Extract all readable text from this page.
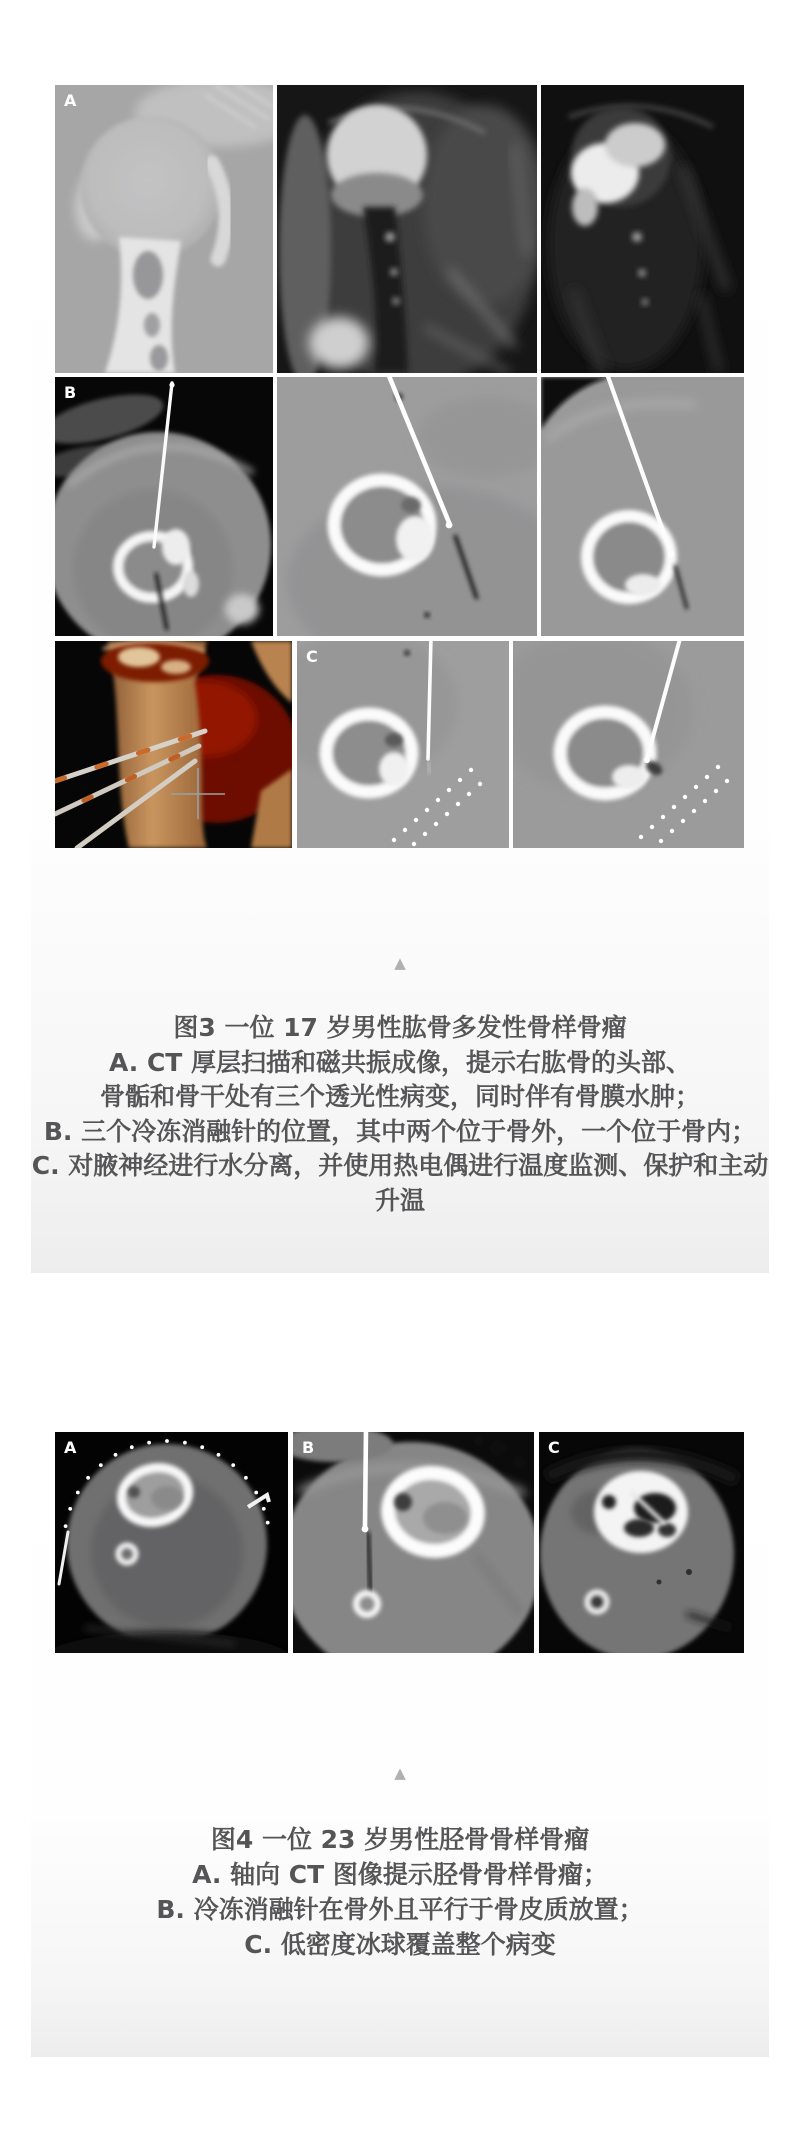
A
B
C
▲
图3 一位 17 岁男性肱骨多发性骨样骨瘤
A. CT 厚层扫描和磁共振成像，提示右肱骨的头部、
骨骺和骨干处有三个透光性病变，同时伴有骨膜水肿；
B. 三个冷冻消融针的位置，其中两个位于骨外，一个位于骨内；
C. 对腋神经进行水分离，并使用热电偶进行温度监测、保护和主动升温
A	B	C
▲
图4 一位 23 岁男性胫骨骨样骨瘤
A. 轴向 CT 图像提示胫骨骨样骨瘤；
B. 冷冻消融针在骨外且平行于骨皮质放置；
C. 低密度冰球覆盖整个病变
